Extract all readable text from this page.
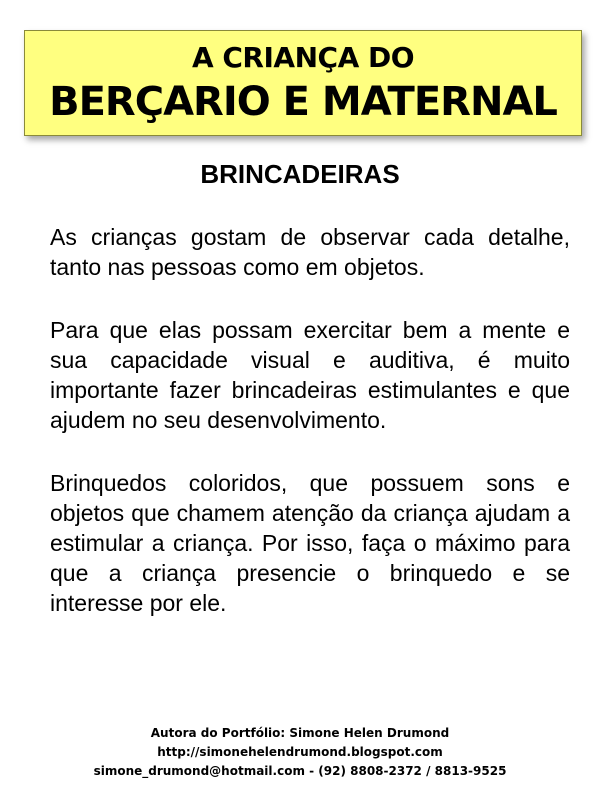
A CRIANÇA DO
BERÇARIO E MATERNAL
BRINCADEIRAS

As crianças gostam de observar cada detalhe, tanto nas pessoas como em objetos.

Para que elas possam exercitar bem a mente e sua capacidade visual e auditiva, é muito importante fazer brincadeiras estimulantes e que ajudem no seu desenvolvimento.

Brinquedos coloridos, que possuem sons e objetos que chamem atenção da criança ajudam a estimular a criança. Por isso, faça o máximo para que a criança presencie o brinquedo e se interesse por ele.

Autora do Portfólio: Simone Helen Drumond
http://simonehelendrumond.blogspot.com
simone_drumond@hotmail.com - (92) 8808-2372 / 8813-9525
